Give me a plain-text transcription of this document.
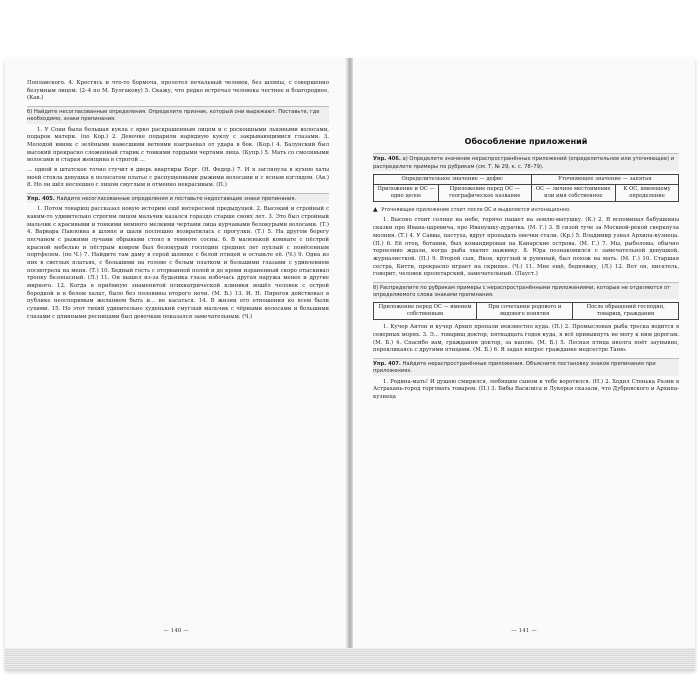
Поплавского. 4. Крестясь и что-то бормоча, пролетел печальный человек, без шляпы, с совершенно безумным лицом. (2–4 по М. Булгакову) 5. Скажу, что редко встречал человека честнее и благороднее. (Кав.)

б) Найдите несогласованные определения. Определите признак, который они выражают. Поставьте, где необходимо, знаки препинания.

1. У Сони была большая кукла с ярко раскрашенным лицом и с роскошными льняными волосами, подарок матери. (по Кор.) 2. Девочке подарили нарядную куклу с закрывающимися глазами. 3. Молодой ивняк с зелёными навесшими ветвями взаграевал от удара в бок. (Кор.) 4. Балунский был высокий прекрасно сложенный старик с тонкими гордыми чертами лица. (Купр.) 5. Мать со смоляными волосами и старая женщина в строгой ...

... одной в штатское точно стучит в дверь квартиры Борг. (Н. Федор.) 7. И я заглянула в кухню хаты моей стояла девушка в полосатом платье с распущенными рыжими волосами и с ясным взглядом. (Ав.) 8. Но он шёл неспешно с лицом смуглым и отменно некрасивым. (П.)

Упр. 405. Найдите несогласованные определения и поставьте недостающие знаки препинания.

1. Потом товарищ рассказал новую историю ещё интересней предыдущей. 2. Высокий и стройный с каким-то удивительно строгим лицом мальчик казался гораздо старше своих лет. 3. Это был стройный мальчик с красивыми и тонкими немного мелкими чертами лица курчавыми белокурыми волосами. (Т.) 4. Варвара Павловна в шляпе и шали поспешно возвратилась с прогулки. (Т.) 5. На другом берегу песчаном с рыжими лучами обрывами стоял в темноте сосны. 6. В маленькой комнате с пёстрой красной мебелью и пёстрым ковром был белокурый господин средних лет пухлый с понёсенным портфелем. (по Ч.) 7. Найдите там даму в серой шляпке с белой птицей и оставьте её. (Ч.) 9. Одна из них в светлых платьях, с большими на голове с белым платком и большими глазами с удивлением посмотрела на меня. (Т.) 10. Бедный гость с оторванной полой и до крови израненный скоро отыскивал тропку безопасный. (Л.) 11. Он вышел из-за будьника глаза избочась другая наружа менее и другие мирного. 12. Когда в приёмную знаменитой психиатрической клиники вошёл человек с острой бородкой и в белом халат, было без половины второго ночи. (М. Б.) 13. И. Н. Пирогов действовал в публике неоспоримым желанием быть и... не касаться. 14. В жизни его отношения ко всем были сухими. 15. Но этот тихий удивительно худенький смуглый мальчик с чёрными волосами и большими глазами с длинными ресницами был девочкам показался замечательным. (Ч.)

— 140 —
Обособление приложений
Упр. 406. а) Определите значение нераспространённых приложений (определительное или уточняющее) и распределите примеры по рубрикам (см. Т. № 29, к. с. 78–79).
Определительное значение — дефис		Уточняющее значение — запятая	
Приложение и ОС — одно целое	Приложение перед ОС — географическое название	ОС — личное местоимение или имя собственное	К ОС, имеющему определение
▲ Уточняющее приложение стоит после ОС и выделяется интонационно.

1. Высоко стоит солнце на небе, горячо пышет на землю-матушку. (К.) 2. Я вспоминал бабушкины сказки про Ивана-царевича, про Иванушку-дурачка. (М. Г.) 3. В сизой туче за Москвой-рекой сверкнула молния. (Т.) 4. У Саввы, пастуха, вдруг пропадать овечки стали. (Кр.) 5. Владимир узнал Архипа-кузнеца. (П.) 6. Её отец, ботаник, был командирован на Канарские острова. (М. Г.) 7. Мы, рыболовы, обычно терпеливо ждали, когда рыба хватит наживку. 8. Юра познакомился с замечательной девушкой, журналисткой. (П.) 9. Второй сын, Яков, круглый и румяный, был похож на мать. (М. Г.) 10. Старшая сестра, Китти, прекрасно играет на скрипке. (Ч.) 11. Мне ещё, бедняжку, (Л.) 12. Вот он, писатель, говорит, человек пролетарский, замечательный. (Пауст.)

б) Распределите по рубрикам примеры с нераспространёнными приложениями, которые не отделяются от определяемого слова знаками препинания.
Приложение перед ОС — именем собственным	При сочетании родового и видового понятия	После обращений господин, товарищ, гражданин

1. Кучер Антон и кучер Архип пропали неизвестно куда. (П.) 2. Промысловая рыба треска водится в северных морях. 3. Э... товарищ доктор, пятнадцать годов куда, я всё привыкнуть не могу к ним дорогам. (М. Б.) 4. Спасибо вам, гражданин доктор, за каплю. (М. Б.) 5. Лесная птица иволга поёт заунывно, перекликаясь с другими птицами. (М. Б.) 6. Я задал вопрос гражданке медсестре Таню.

Упр. 407. Найдите нераспространённые приложения. Объясните постановку знаков препинания при приложениях.

1. Родина-мать! И душою смирился, любящим сыном к тебе воротился. (Н.) 2. Ходил Стенька Разин в Астрахань-город торговать товаром. (П.) 3. Бибы Василиса и Лукерья сказали, что Дубровского и Архипа-кузнеца

— 141 —
